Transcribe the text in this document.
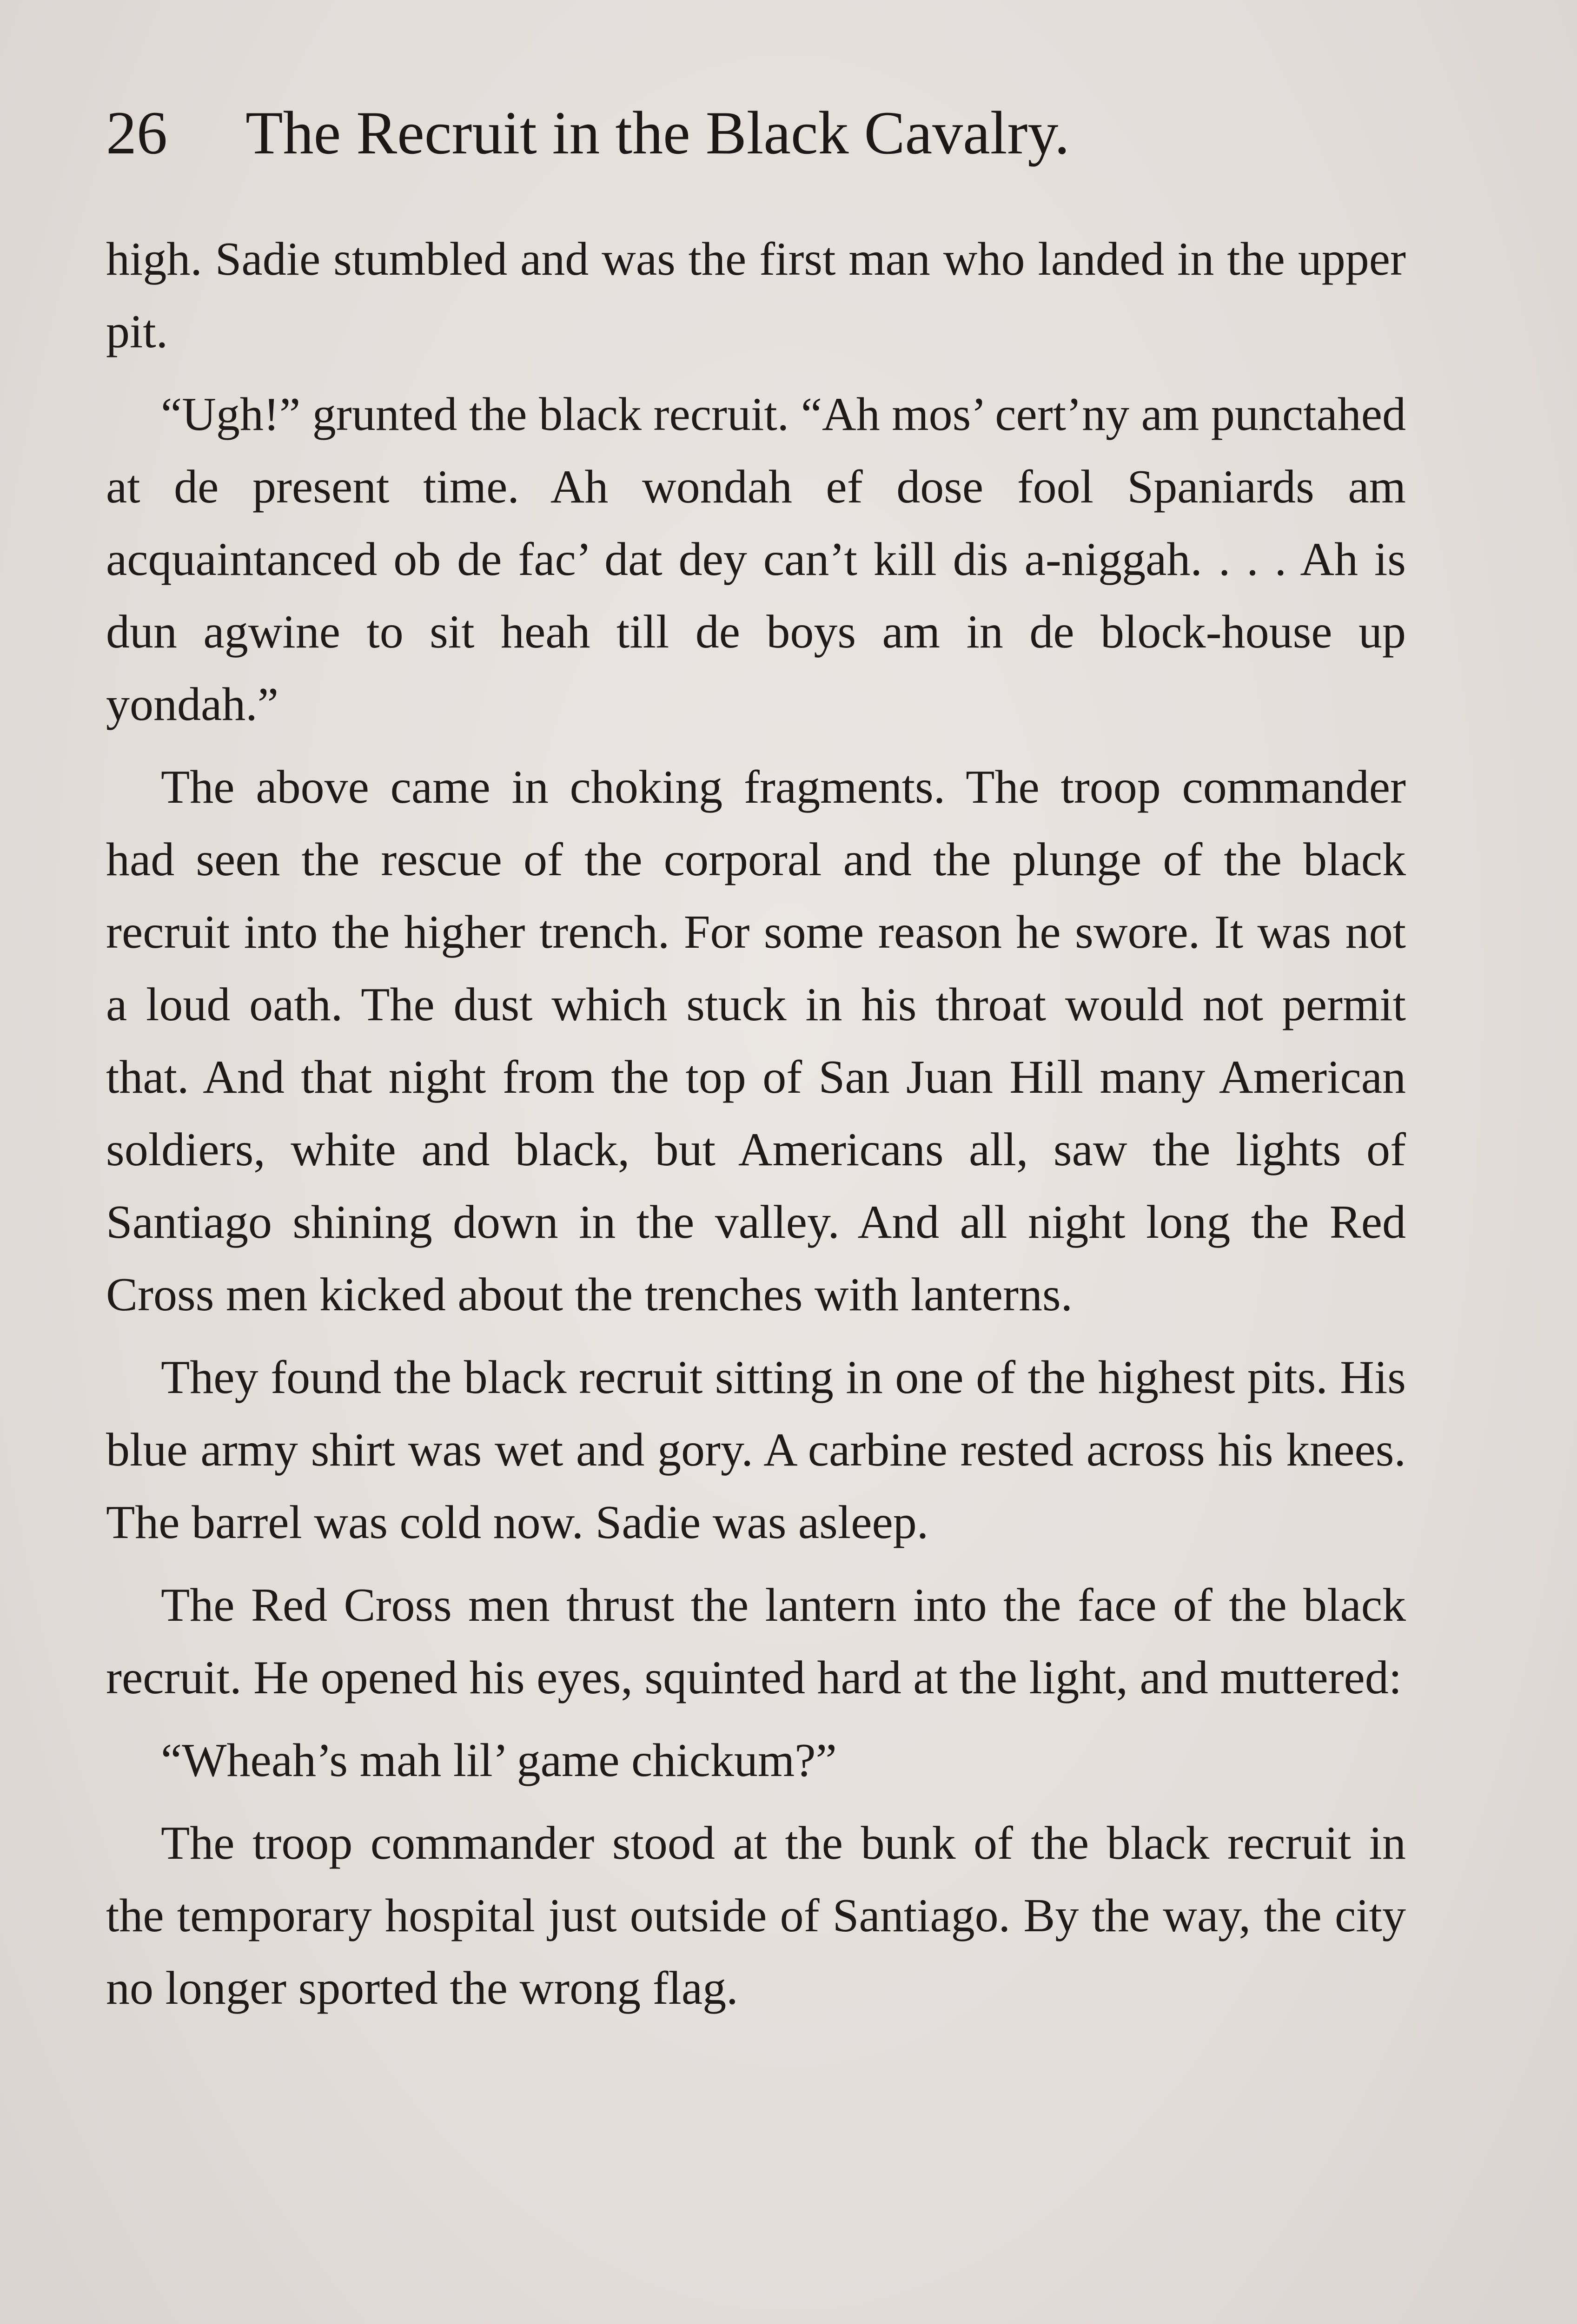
26 The Recruit in the Black Cavalry.

high. Sadie stumbled and was the first man who landed in the upper pit.

“Ugh!” grunted the black recruit. “Ah mos’ cert’ny am punctahed at de present time. Ah wondah ef dose fool Spaniards am acquaintanced ob de fac’ dat dey can’t kill dis a-niggah. . . . Ah is dun agwine to sit heah till de boys am in de block-house up yondah.”

The above came in choking fragments. The troop commander had seen the rescue of the corporal and the plunge of the black recruit into the higher trench. For some reason he swore. It was not a loud oath. The dust which stuck in his throat would not permit that. And that night from the top of San Juan Hill many American soldiers, white and black, but Americans all, saw the lights of Santiago shining down in the valley. And all night long the Red Cross men kicked about the trenches with lanterns.

They found the black recruit sitting in one of the highest pits. His blue army shirt was wet and gory. A carbine rested across his knees. The barrel was cold now. Sadie was asleep.

The Red Cross men thrust the lantern into the face of the black recruit. He opened his eyes, squinted hard at the light, and muttered:

“Wheah’s mah lil’ game chickum?”

The troop commander stood at the bunk of the black recruit in the temporary hospital just outside of Santiago. By the way, the city no longer sported the wrong flag.
